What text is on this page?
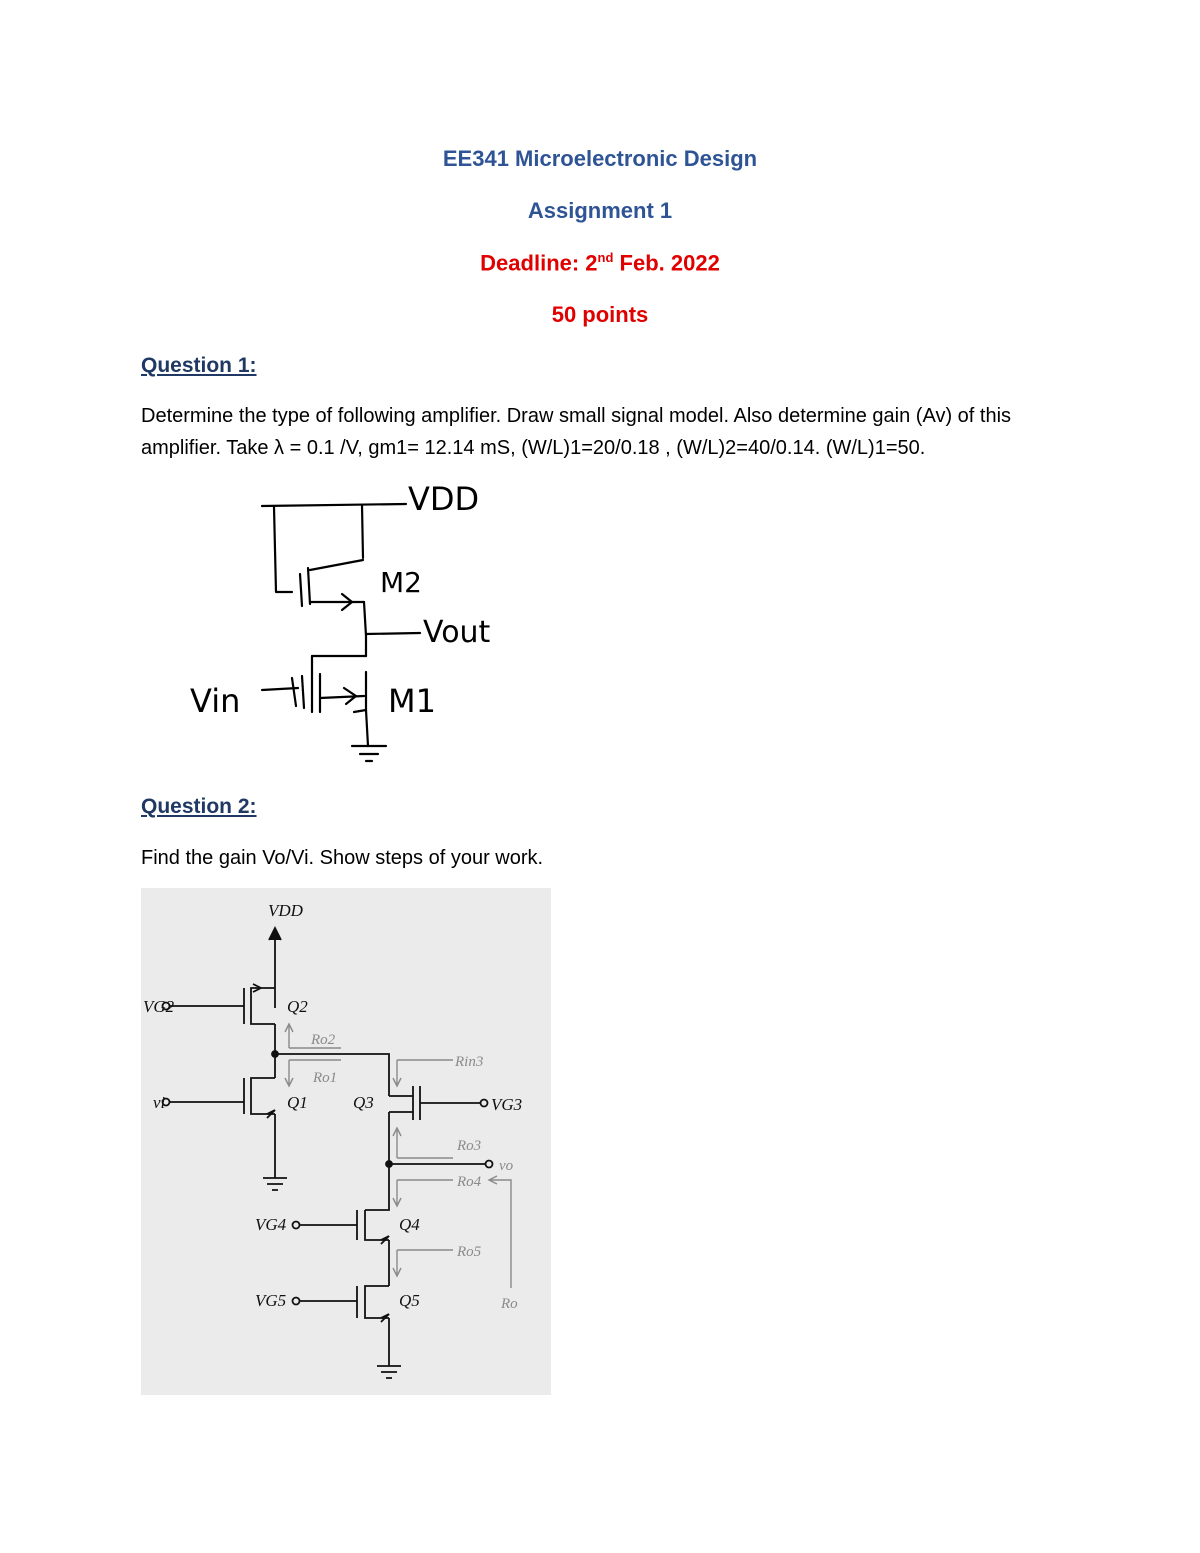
EE341 Microelectronic Design
Assignment 1
Deadline: 2nd Feb. 2022
50 points
Question 1:
Determine the type of following amplifier. Draw small signal model. Also determine gain (Av) of this amplifier. Take λ = 0.1 /V, gm1= 12.14 mS, (W/L)1=20/0.18 , (W/L)2=40/0.14. (W/L)1=50.
VDD
M2
Vout
Vin	M1
Question 2:
Find the gain Vo/Vi. Show steps of your work.
VDD
VG2
vi
Q2
Q1	Q3	VG3
Q4
Q5
VG4
VG5
Ro2
Ro1
Rin3
Ro3
vo
Ro4
Ro5
Ro
